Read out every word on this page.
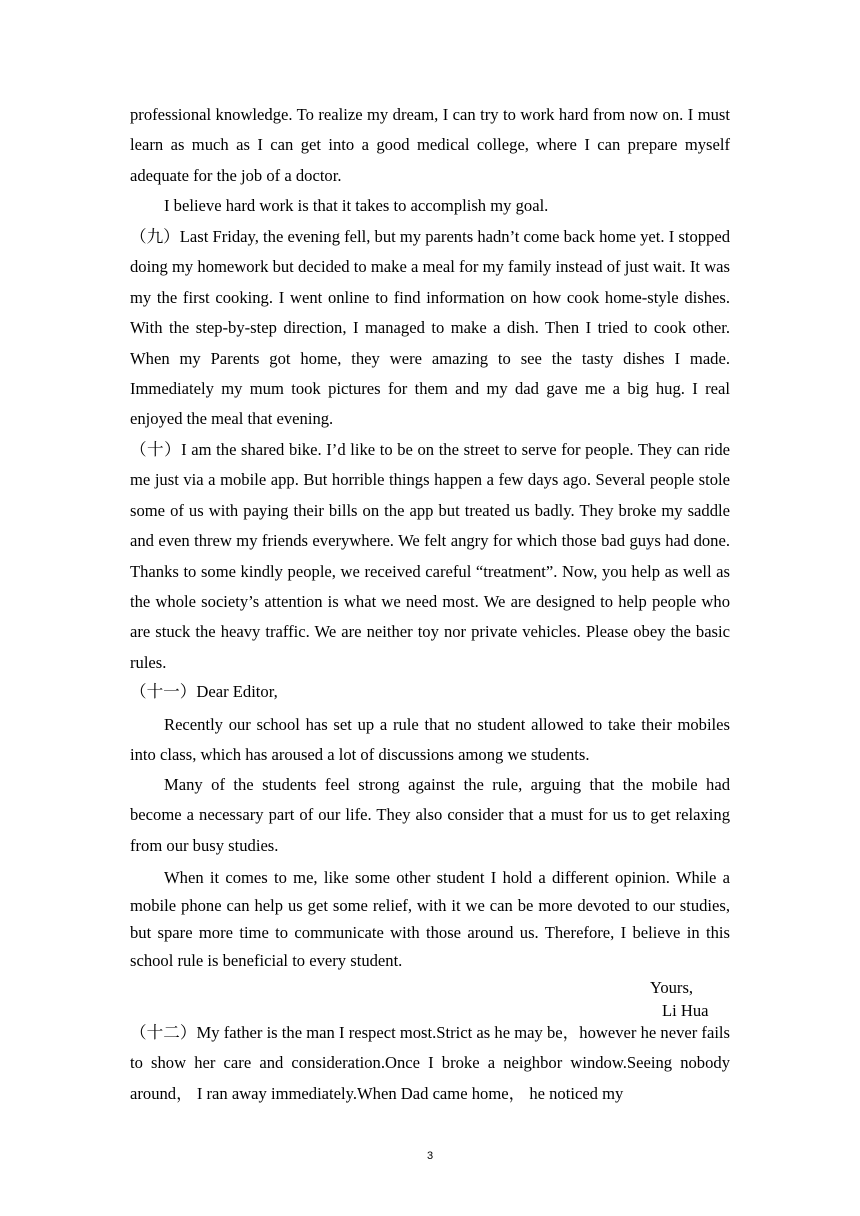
professional knowledge. To realize my dream, I can try to work hard from now on. I must learn as much as I can get into a good medical college, where I can prepare myself adequate for the job of a doctor.

I believe hard work is that it takes to accomplish my goal.

（九）Last Friday, the evening fell, but my parents hadn’t come back home yet. I stopped doing my homework but decided to make a meal for my family instead of just wait. It was my the first cooking. I went online to find information on how cook home-style dishes. With the step-by-step direction, I managed to make a dish. Then I tried to cook other. When my Parents got home, they were amazing to see the tasty dishes I made. Immediately my mum took pictures for them and my dad gave me a big hug. I real enjoyed the meal that evening.

（十）I am the shared bike. I’d like to be on the street to serve for people. They can ride me just via a mobile app. But horrible things happen a few days ago. Several people stole some of us with paying their bills on the app but treated us badly. They broke my saddle and even threw my friends everywhere. We felt angry for which those bad guys had done. Thanks to some kindly people, we received careful “treatment”. Now, you help as well as the whole society’s attention is what we need most. We are designed to help people who are stuck the heavy traffic. We are neither toy nor private vehicles. Please obey the basic rules.

（十一）Dear Editor,

Recently our school has set up a rule that no student allowed to take their mobiles into class, which has aroused a lot of discussions among we students.

Many of the students feel strong against the rule, arguing that the mobile had become a necessary part of our life. They also consider that a must for us to get relaxing from our busy studies.

When it comes to me, like some other student I hold a different opinion. While a mobile phone can help us get some relief, with it we can be more devoted to our studies, but spare more time to communicate with those around us. Therefore, I believe in this school rule is beneficial to every student.

Yours,

Li Hua

（十二）My father is the man I respect most.Strict as he may be，however he never fails to show her care and consideration.Once I broke a neighbor window.Seeing nobody around， I ran away immediately.When Dad came home， he noticed my

3
